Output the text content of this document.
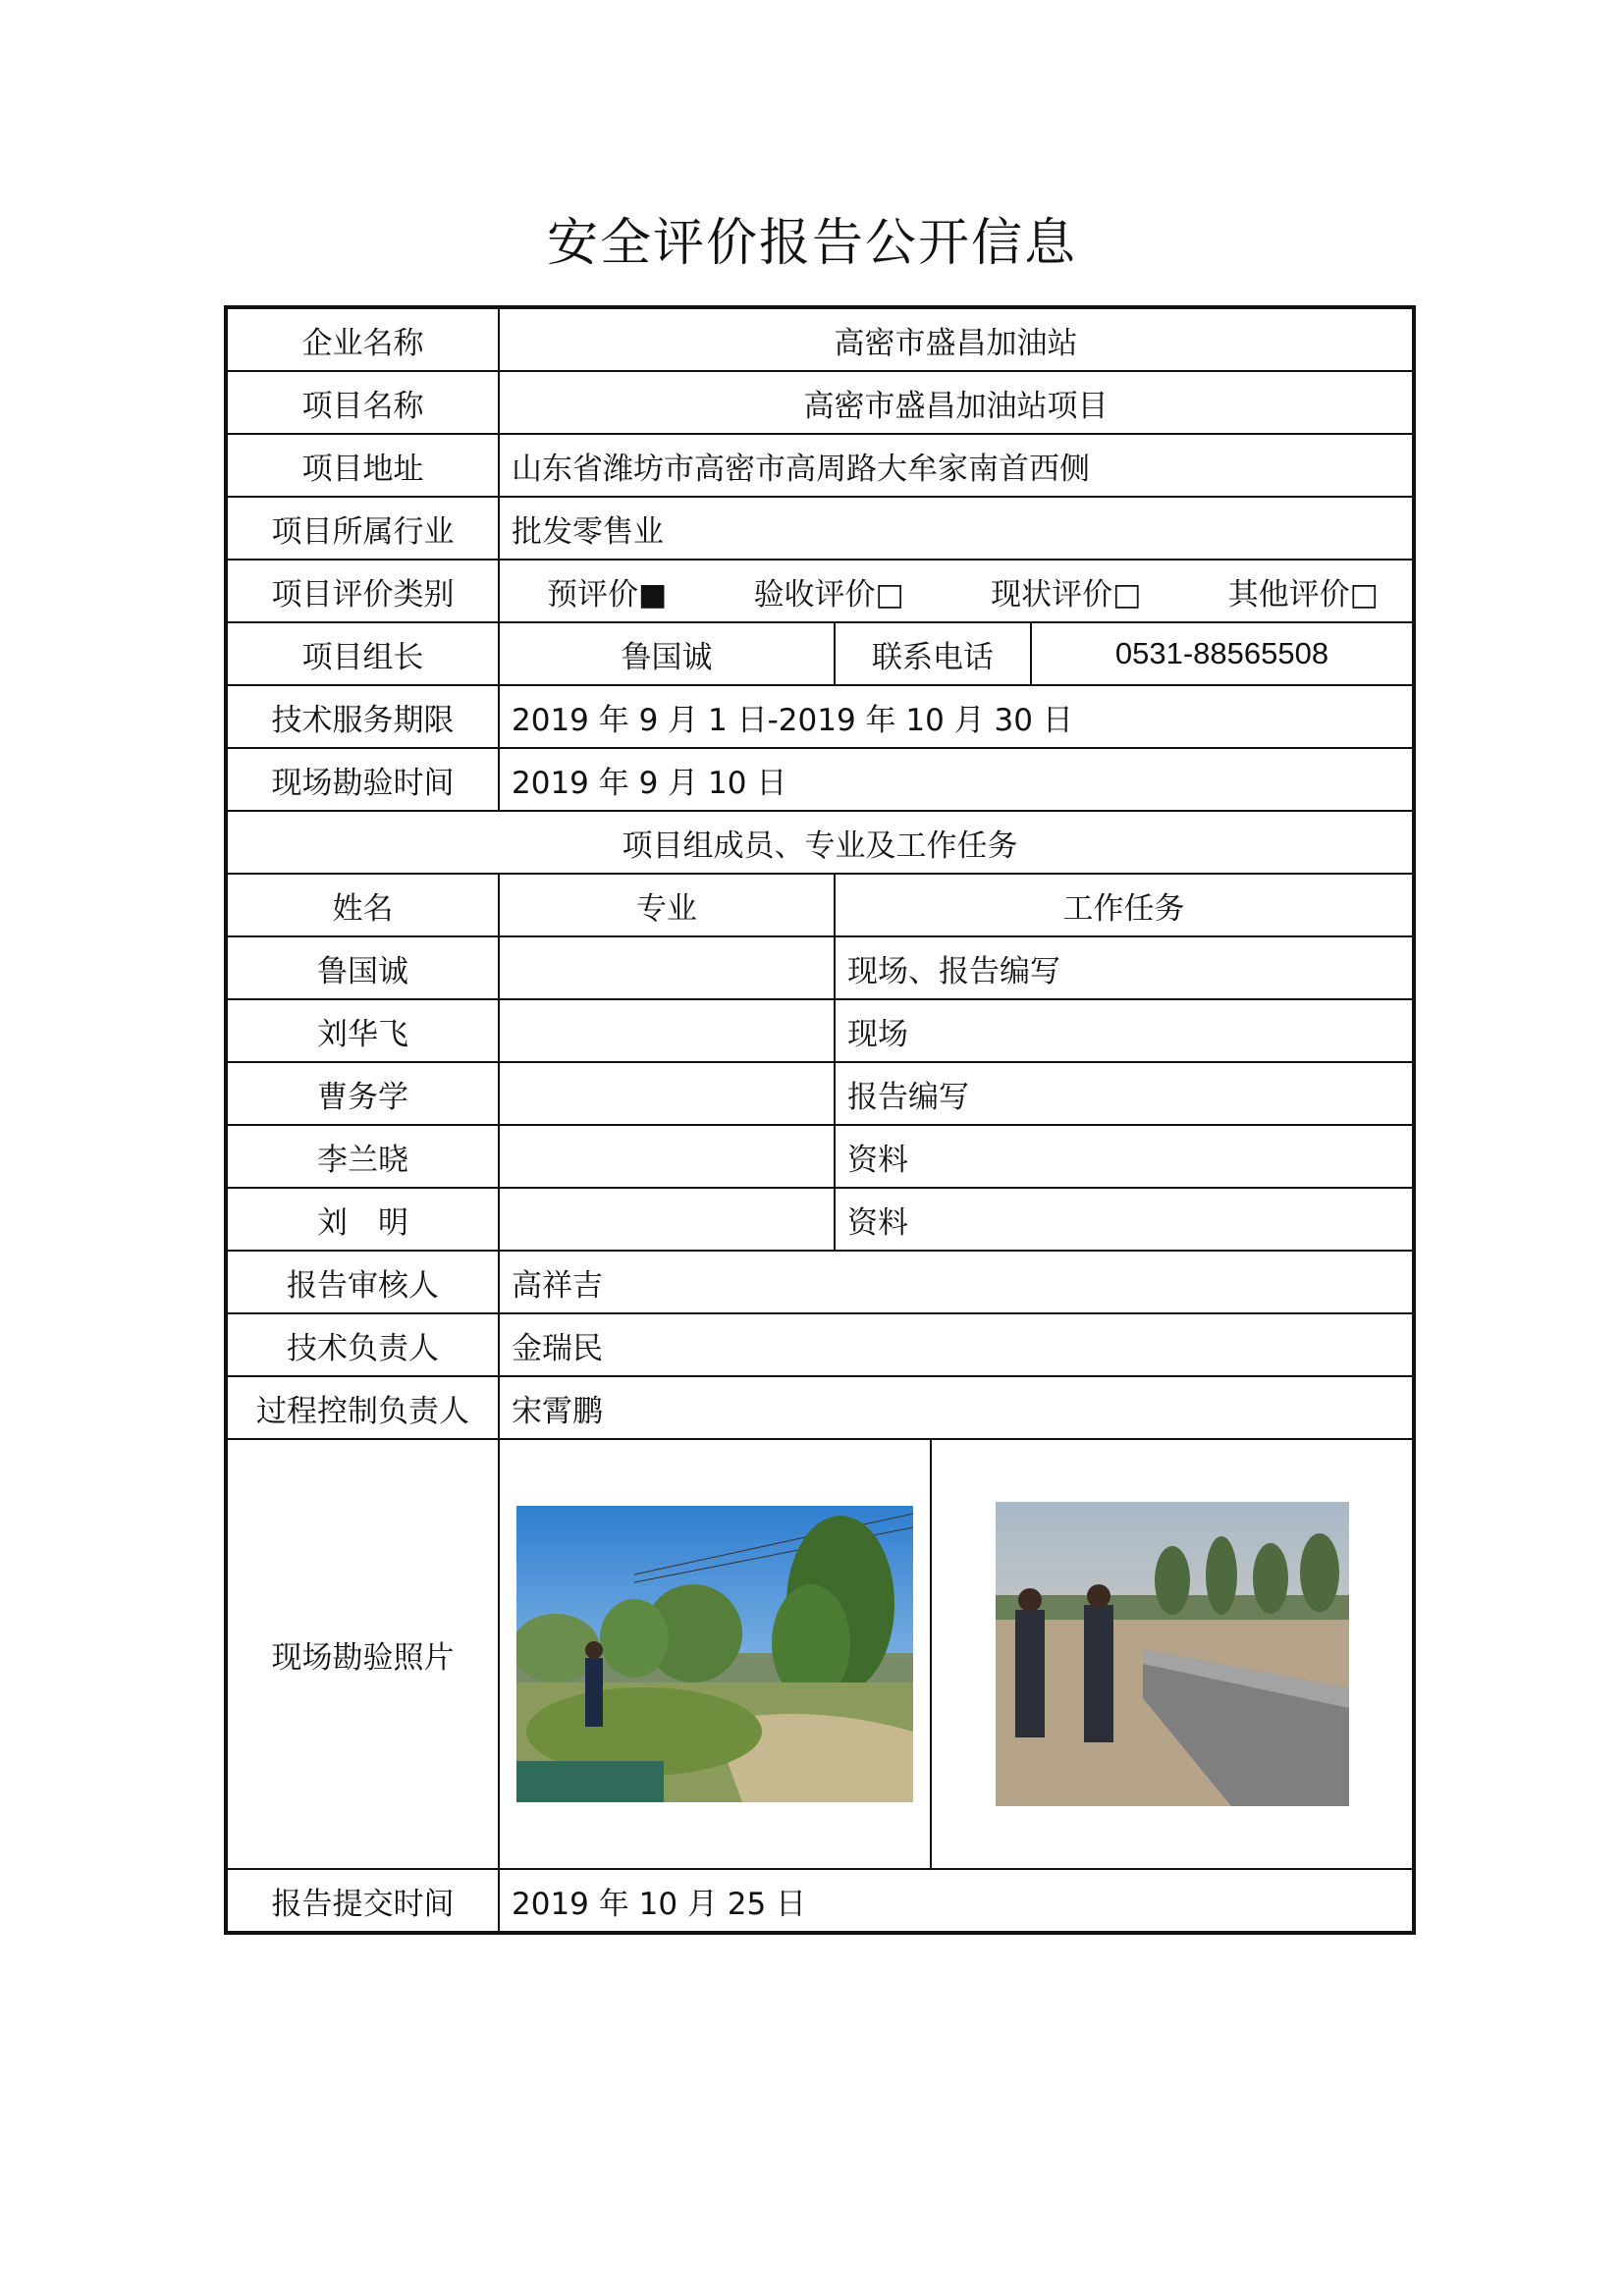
安全评价报告公开信息
企业名称	高密市盛昌加油站			
项目名称	高密市盛昌加油站项目			
项目地址	山东省潍坊市高密市高周路大牟家南首西侧			
项目所属行业	批发零售业			
项目评价类别	预评价■ 验收评价□ 现状评价□ 其他评价□			

项目组长	鲁国诚	联系电话		0531-88565508
技术服务期限	2019 年 9 月 1 日-2019 年 10 月 30 日			
现场勘验时间	2019 年 9 月 10 日			
项目组成员、专业及工作任务				
姓名	专业	工作任务		
鲁国诚		现场、报告编写		
刘华飞		现场		
曹务学		报告编写		
李兰晓		资料		
刘　明		资料		
报告审核人	高祥吉			
技术负责人	金瑞民			
过程控制负责人	宋霄鹏			
现场勘验照片	

报告提交时间	2019 年 10 月 25 日			
